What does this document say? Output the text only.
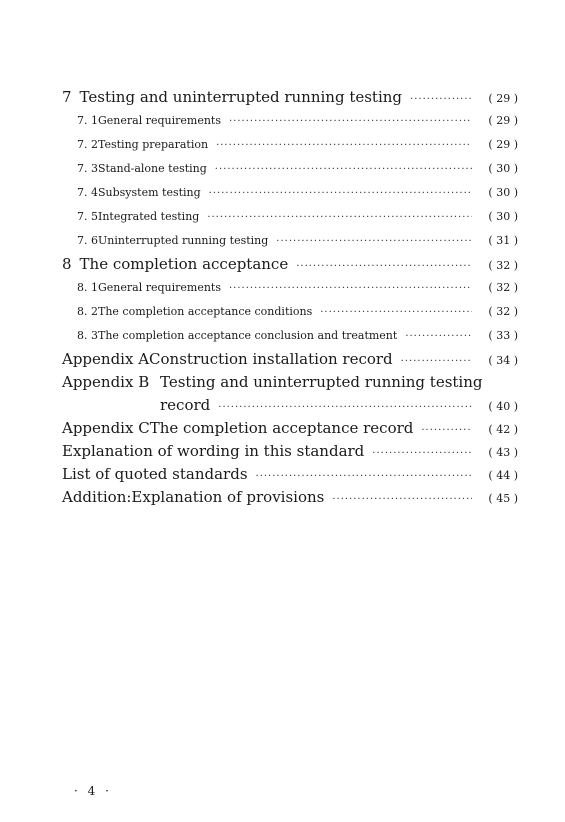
7 Testing and uninterrupted running testing ·····	( 29 )
7. 1 General requirements ·····	( 29 )
7. 2 Testing preparation ·····	( 29 )
7. 3 Stand-alone testing ·····	( 30 )
7. 4 Subsystem testing ·····	( 30 )
7. 5 Integrated testing ·····	( 30 )
7. 6 Uninterrupted running testing ·····	( 31 )
8 The completion acceptance ·····	( 32 )
8. 1 General requirements ·····	( 32 )
8. 2 The completion acceptance conditions ·····	( 32 )
8. 3 The completion acceptance conclusion and treatment ·····	( 33 )
Appendix A Construction installation record ·····	( 34 )
Appendix B Testing and uninterrupted running testing
record ·····	( 40 )
Appendix C The completion acceptance record ·····	( 42 )
Explanation of wording in this standard ·····	( 43 )
List of quoted standards ·····	( 44 )
Addition:Explanation of provisions ·····	( 45 )
· 4 ·
